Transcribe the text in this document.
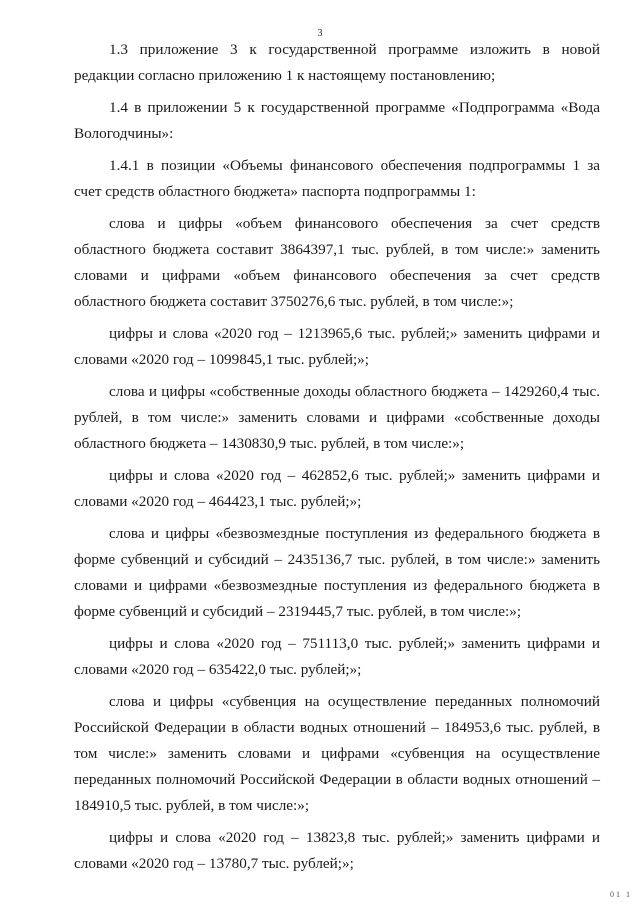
3

1.3 приложение 3 к государственной программе изложить в новой редакции согласно приложению 1 к настоящему постановлению;

1.4 в приложении 5 к государственной программе «Подпрограмма «Вода Вологодчины»:

1.4.1 в позиции «Объемы финансового обеспечения подпрограммы 1 за счет средств областного бюджета» паспорта подпрограммы 1:

слова и цифры «объем финансового обеспечения за счет средств областного бюджета составит 3864397,1 тыс. рублей, в том числе:» заменить словами и цифрами «объем финансового обеспечения за счет средств областного бюджета составит 3750276,6 тыс. рублей, в том числе:»;

цифры и слова «2020 год – 1213965,6 тыс. рублей;» заменить цифрами и словами «2020 год – 1099845,1 тыс. рублей;»;

слова и цифры «собственные доходы областного бюджета – 1429260,4 тыс. рублей, в том числе:» заменить словами и цифрами «собственные доходы областного бюджета – 1430830,9 тыс. рублей, в том числе:»;

цифры и слова «2020 год – 462852,6 тыс. рублей;» заменить цифрами и словами «2020 год – 464423,1 тыс. рублей;»;

слова и цифры «безвозмездные поступления из федерального бюджета в форме субвенций и субсидий – 2435136,7 тыс. рублей, в том числе:» заменить словами и цифрами «безвозмездные поступления из федерального бюджета в форме субвенций и субсидий – 2319445,7 тыс. рублей, в том числе:»;

цифры и слова «2020 год – 751113,0 тыс. рублей;» заменить цифрами и словами «2020 год – 635422,0 тыс. рублей;»;

слова и цифры «субвенция на осуществление переданных полномочий Российской Федерации в области водных отношений – 184953,6 тыс. рублей, в том числе:» заменить словами и цифрами «субвенция на осуществление переданных полномочий Российской Федерации в области водных отношений – 184910,5 тыс. рублей, в том числе:»;

цифры и слова «2020 год – 13823,8 тыс. рублей;» заменить цифрами и словами «2020 год – 13780,7 тыс. рублей;»;

01 1
